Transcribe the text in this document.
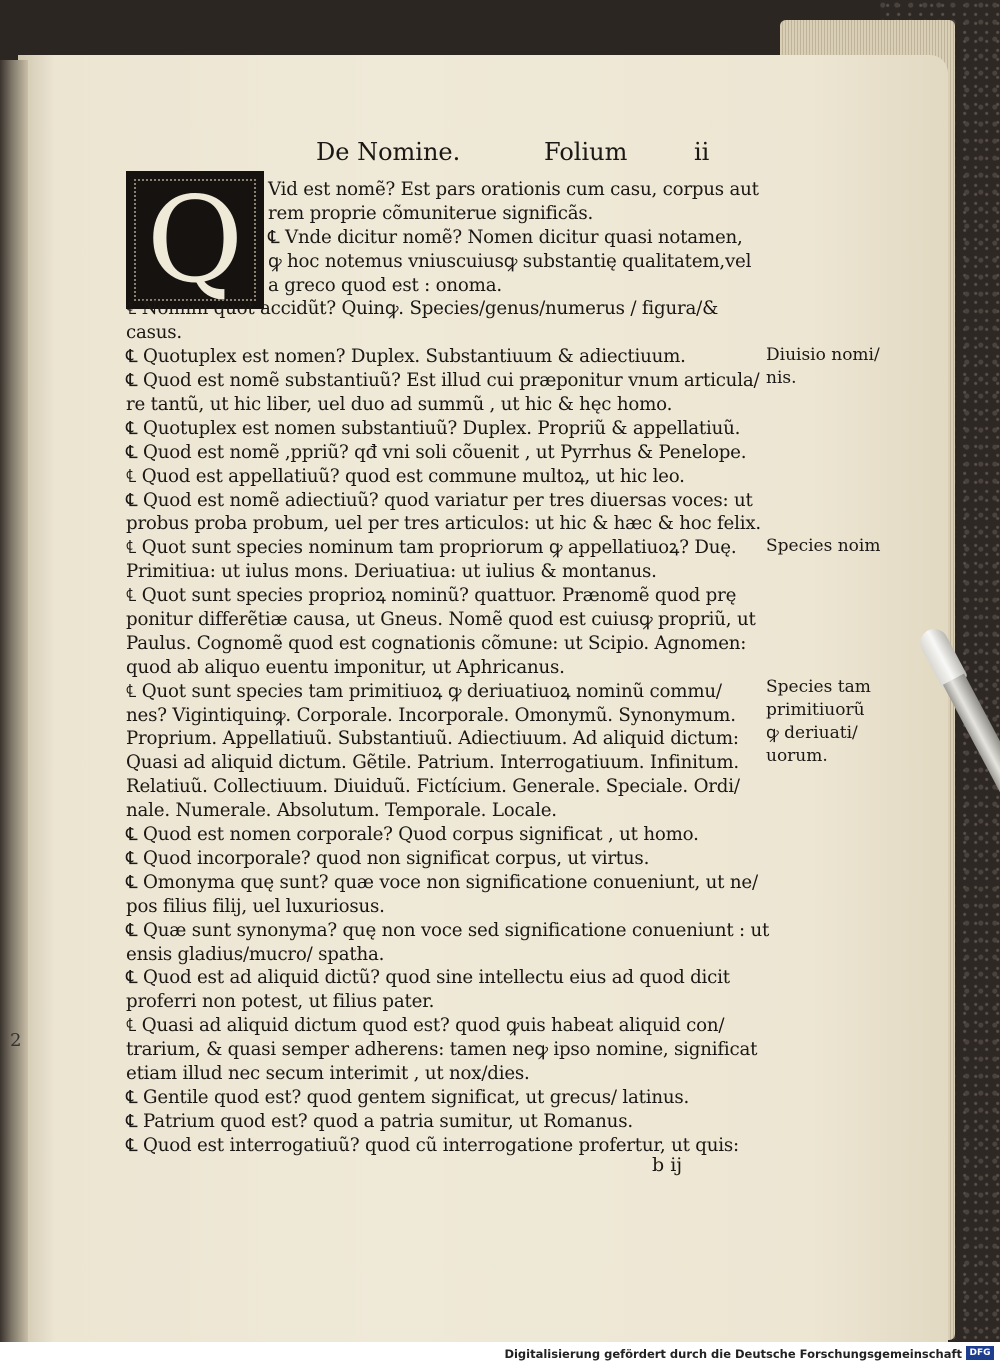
2
De Nomine.	Folium	ii
Q	Vid est nomẽ? Est pars orationis cum casu, corpus aut
rem proprie cõmuniterue significãs.
℄ Vnde dicitur nomẽ? Nomen dicitur quasi notamen,
ꝙ hoc notemus vniuscuiusꝙ substantię qualitatem,vel
a greco quod est : onoma.
℄ Nomini quot accidũt? Quinꝙ. Species/genus/numerus / figura/&
casus.
℄ Quotuplex est nomen? Duplex. Substantiuum & adiectiuum.
℄ Quod est nomẽ substantiuũ? Est illud cui præponitur vnum articula/
re tantũ, ut hic liber, uel duo ad summũ , ut hic & hęc homo.
℄ Quotuplex est nomen substantiuũ? Duplex. Propriũ & appellatiuũ.
℄ Quod est nomẽ ,ppriũ? qđ vni soli cõuenit , ut Pyrrhus & Penelope.
℄ Quod est appellatiuũ? quod est commune multoꝝ, ut hic leo.
℄ Quod est nomẽ adiectiuũ? quod variatur per tres diuersas voces: ut
probus proba probum, uel per tres articulos: ut hic & hæc & hoc felix.
℄ Quot sunt species nominum tam propriorum ꝙ appellatiuoꝝ? Duę.
Primitiua: ut iulus mons. Deriuatiua: ut iulius & montanus.
℄ Quot sunt species proprioꝝ nominũ? quattuor. Prænomẽ quod prę
ponitur differẽtiæ causa, ut Gneus. Nomẽ quod est cuiusꝙ propriũ, ut
Paulus. Cognomẽ quod est cognationis cõmune: ut Scipio. Agnomen:
quod ab aliquo euentu imponitur, ut Aphricanus.
℄ Quot sunt species tam primitiuoꝝ ꝙ deriuatiuoꝝ nominũ commu/
nes? Vigintiquinꝙ. Corporale. Incorporale. Omonymũ. Synonymum.
Proprium. Appellatiuũ. Substantiuũ. Adiectiuum. Ad aliquid dictum:
Quasi ad aliquid dictum. Gẽtile. Patrium. Interrogatiuum. Infinitum.
Relatiuũ. Collectiuum. Diuiduũ. Fictícium. Generale. Speciale. Ordi/
nale. Numerale. Absolutum. Temporale. Locale.
℄ Quod est nomen corporale? Quod corpus significat , ut homo.
℄ Quod incorporale? quod non significat corpus, ut virtus.
℄ Omonyma quę sunt? quæ voce non significatione conueniunt, ut ne/
pos filius filij, uel luxuriosus.
℄ Quæ sunt synonyma? quę non voce sed significatione conueniunt : ut
ensis gladius/mucro/ spatha.
℄ Quod est ad aliquid dictũ? quod sine intellectu eius ad quod dicit
proferri non potest, ut filius pater.
℄ Quasi ad aliquid dictum quod est? quod ꝙuis habeat aliquid con/
trarium, & quasi semper adherens: tamen neꝙ ipso nomine, significat
etiam illud nec secum interimit , ut nox/dies.
℄ Gentile quod est? quod gentem significat, ut grecus/ latinus.
℄ Patrium quod est? quod a patria sumitur, ut Romanus.
℄ Quod est interrogatiuũ? quod cũ interrogatione profertur, ut quis:
Diuisio nomi/
nis.
Species noim
Species tam
primitiuorũ
ꝙ deriuati/
uorum.
b ij
Digitalisierung gefördert durch die Deutsche Forschungsgemeinschaft DFG
